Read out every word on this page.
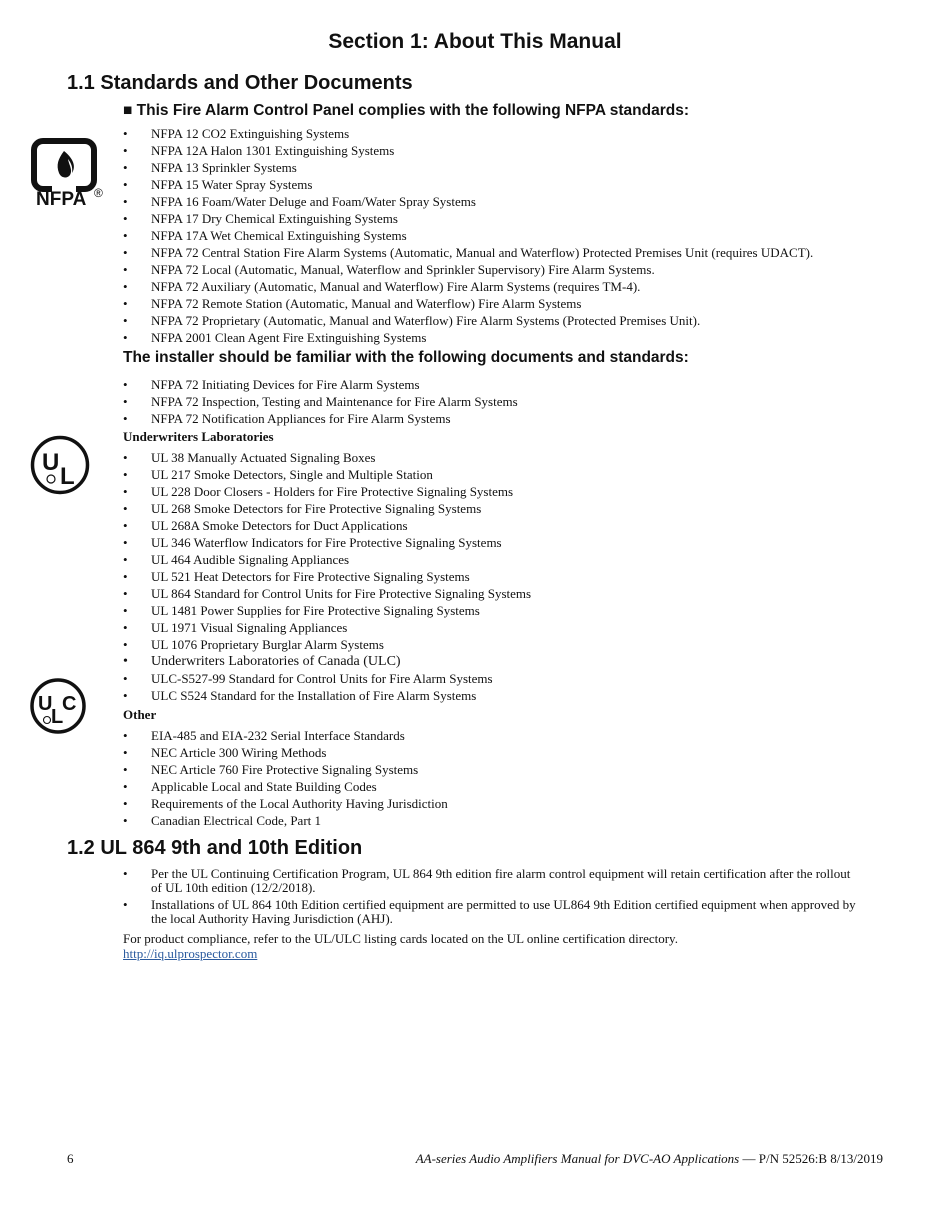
Section 1: About This Manual
1.1 Standards and Other Documents
■ This Fire Alarm Control Panel complies with the following NFPA standards:
NFPA ®
• NFPA 12 CO2 Extinguishing Systems
• NFPA 12A Halon 1301 Extinguishing Systems
• NFPA 13 Sprinkler Systems
• NFPA 15 Water Spray Systems
• NFPA 16 Foam/Water Deluge and Foam/Water Spray Systems
• NFPA 17 Dry Chemical Extinguishing Systems
• NFPA 17A Wet Chemical Extinguishing Systems
• NFPA 72 Central Station Fire Alarm Systems (Automatic, Manual and Waterflow) Protected Premises Unit (requires UDACT).
• NFPA 72 Local (Automatic, Manual, Waterflow and Sprinkler Supervisory) Fire Alarm Systems.
• NFPA 72 Auxiliary (Automatic, Manual and Waterflow) Fire Alarm Systems (requires TM-4).
• NFPA 72 Remote Station (Automatic, Manual and Waterflow) Fire Alarm Systems
• NFPA 72 Proprietary (Automatic, Manual and Waterflow) Fire Alarm Systems (Protected Premises Unit).
• NFPA 2001 Clean Agent Fire Extinguishing Systems
The installer should be familiar with the following documents and standards:
• NFPA 72 Initiating Devices for Fire Alarm Systems
• NFPA 72 Inspection, Testing and Maintenance for Fire Alarm Systems
• NFPA 72 Notification Appliances for Fire Alarm Systems
Underwriters Laboratories
U
L
• UL 38 Manually Actuated Signaling Boxes
• UL 217 Smoke Detectors, Single and Multiple Station
• UL 228 Door Closers - Holders for Fire Protective Signaling Systems
• UL 268 Smoke Detectors for Fire Protective Signaling Systems
• UL 268A Smoke Detectors for Duct Applications
• UL 346 Waterflow Indicators for Fire Protective Signaling Systems
• UL 464 Audible Signaling Appliances
• UL 521 Heat Detectors for Fire Protective Signaling Systems
• UL 864 Standard for Control Units for Fire Protective Signaling Systems
• UL 1481 Power Supplies for Fire Protective Signaling Systems
• UL 1971 Visual Signaling Appliances
• UL 1076 Proprietary Burglar Alarm Systems
• Underwriters Laboratories of Canada (ULC)
• ULC-S527-99 Standard for Control Units for Fire Alarm Systems
• ULC S524 Standard for the Installation of Fire Alarm Systems
U
L
C	Other
• EIA-485 and EIA-232 Serial Interface Standards
• NEC Article 300 Wiring Methods
• NEC Article 760 Fire Protective Signaling Systems
• Applicable Local and State Building Codes
• Requirements of the Local Authority Having Jurisdiction
• Canadian Electrical Code, Part 1
1.2 UL 864 9th and 10th Edition
• Per the UL Continuing Certification Program, UL 864 9th edition fire alarm control equipment will retain certification after the rollout of UL 10th edition (12/2/2018).
• Installations of UL 864 10th Edition certified equipment are permitted to use UL864 9th Edition certified equipment when approved by the local Authority Having Jurisdiction (AHJ).

For product compliance, refer to the UL/ULC listing cards located on the UL online certification directory.

http://iq.ulprospector.com
6	AA-series Audio Amplifiers Manual for DVC-AO Applications — P/N 52526:B 8/13/2019
